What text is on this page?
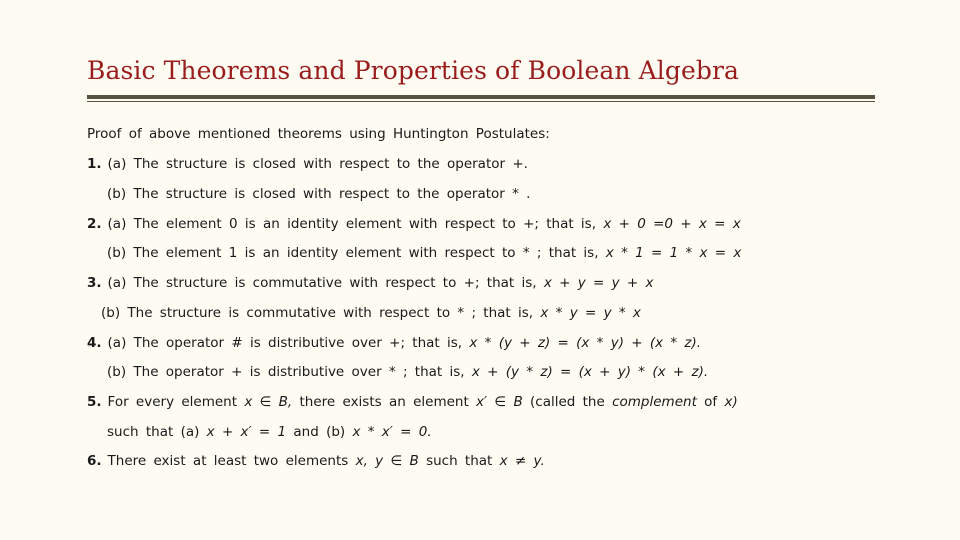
Basic Theorems and Properties of Boolean Algebra
Proof of above mentioned theorems using Huntington Postulates:
1. (a) The structure is closed with respect to the operator +.
(b) The structure is closed with respect to the operator * .
2. (a) The element 0 is an identity element with respect to +; that is, x + 0 =0 + x = x
(b) The element 1 is an identity element with respect to * ; that is, x * 1 = 1 * x = x
3. (a) The structure is commutative with respect to +; that is, x + y = y + x
(b) The structure is commutative with respect to * ; that is, x * y = y * x
4. (a) The operator # is distributive over +; that is, x * (y + z) = (x * y) + (x * z).
(b) The operator + is distributive over * ; that is, x + (y * z) = (x + y) * (x + z).
5. For every element x ∈ B, there exists an element x′ ∈ B (called the complement of x)
such that (a) x + x′ = 1 and (b) x * x′ = 0.
6. There exist at least two elements x, y ∈ B such that x ≠ y.
